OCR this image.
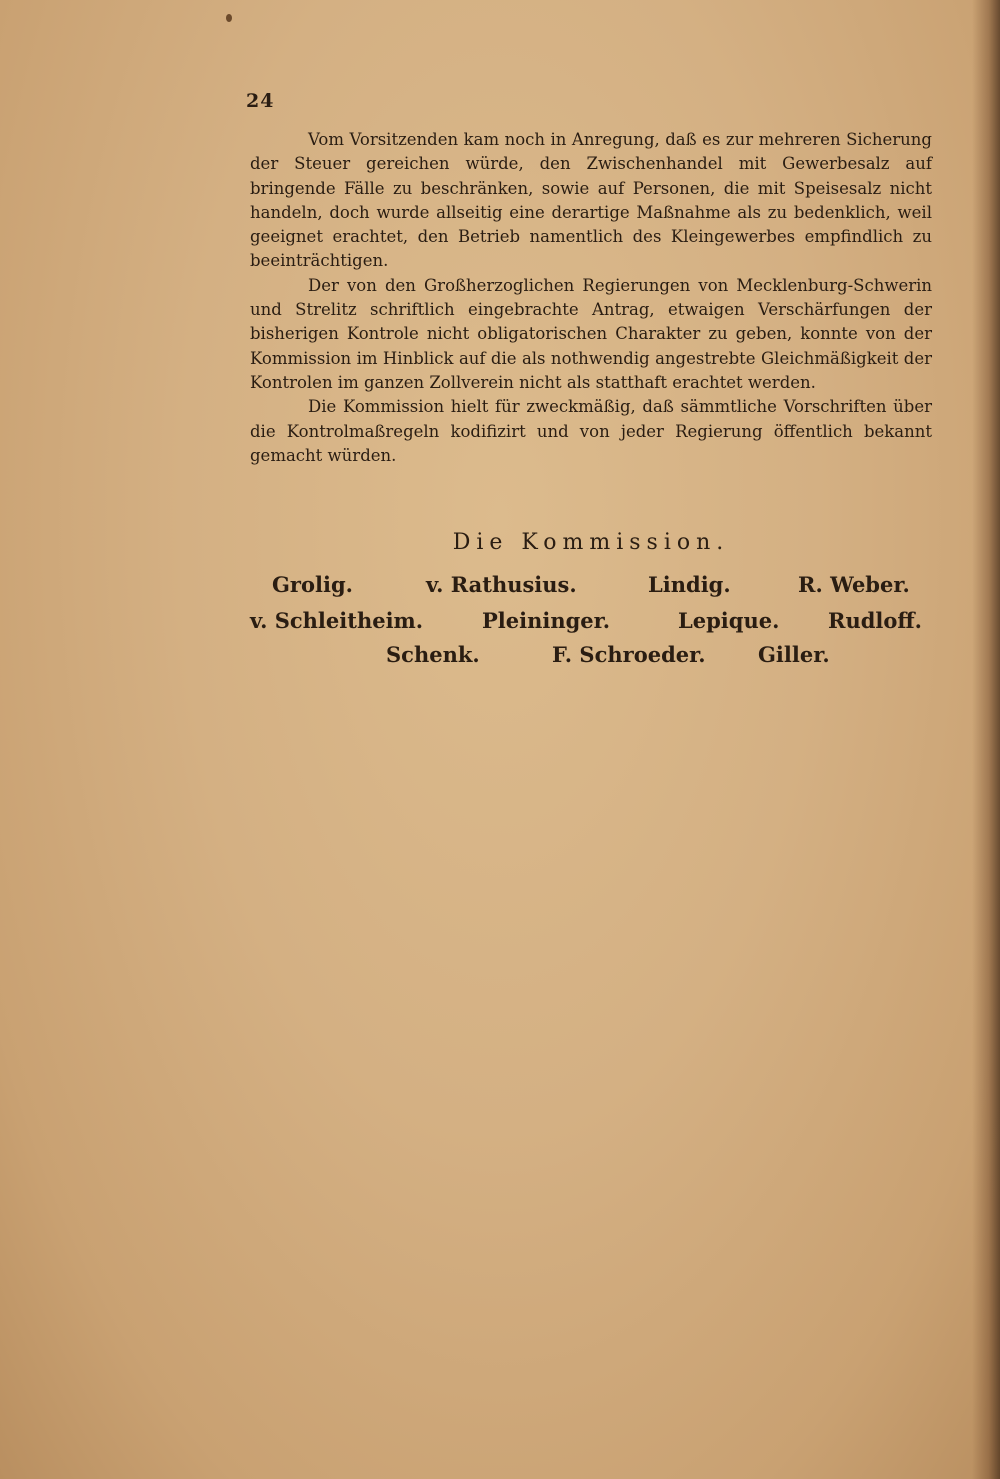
24

Vom Vorsitzenden kam noch in Anregung, daß es zur mehreren Sicherung der Steuer gereichen würde, den Zwischenhandel mit Gewerbesalz auf bringende Fälle zu beschränken, sowie auf Personen, die mit Speisesalz nicht handeln, doch wurde allseitig eine derartige Maßnahme als zu bedenklich, weil geeignet erachtet, den Betrieb namentlich des Kleingewerbes empfindlich zu beeinträchtigen.

Der von den Großherzoglichen Regierungen von Mecklenburg-Schwerin und Strelitz schriftlich eingebrachte Antrag, etwaigen Verschärfungen der bisherigen Kontrole nicht obligatorischen Charakter zu geben, konnte von der Kommission im Hinblick auf die als nothwendig angestrebte Gleichmäßigkeit der Kontrolen im ganzen Zollverein nicht als statthaft erachtet werden.

Die Kommission hielt für zweckmäßig, daß sämmtliche Vorschriften über die Kontrolmaßregeln kodifizirt und von jeder Regierung öffentlich bekannt gemacht würden.

Die Kommission.
Grolig.	v. Rathusius.	Lindig.	R. Weber.
v. Schleitheim.	Pleininger.	Lepique. Rudloff.
Schenk.	F. Schroeder. Giller.
